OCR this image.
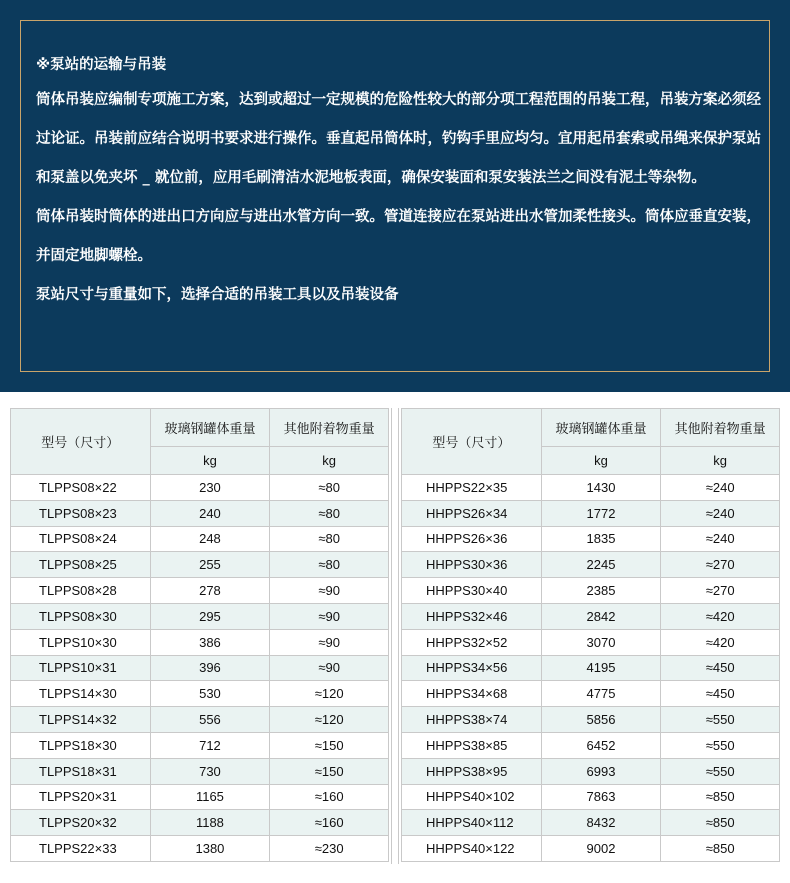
※泵站的运输与吊装

筒体吊装应编制专项施工方案，达到或超过一定规模的危险性较大的部分项工程范围的吊装工程，吊装方案必须经过论证。吊装前应结合说明书要求进行操作。垂直起吊筒体时，钓钩手里应均匀。宜用起吊套索或吊绳来保护泵站和泵盖以免夹坏 _ 就位前，应用毛刷清洁水泥地板表面，确保安装面和泵安装法兰之间没有泥土等杂物。

筒体吊装时筒体的进出口方向应与进出水管方向一致。管道连接应在泵站进出水管加柔性接头。筒体应垂直安装，并固定地脚螺栓。

泵站尺寸与重量如下，选择合适的吊装工具以及吊装设备

型号（尺寸）	玻璃钢罐体重量	其他附着物重量
	kg	kg
TLPPS08×22	230	≈80
TLPPS08×23	240	≈80
TLPPS08×24	248	≈80
TLPPS08×25	255	≈80
TLPPS08×28	278	≈90
TLPPS08×30	295	≈90
TLPPS10×30	386	≈90
TLPPS10×31	396	≈90
TLPPS14×30	530	≈120
TLPPS14×32	556	≈120
TLPPS18×30	712	≈150
TLPPS18×31	730	≈150
TLPPS20×31	1165	≈160
TLPPS20×32	1188	≈160
TLPPS22×33	1380	≈230
型号（尺寸）	玻璃钢罐体重量	其他附着物重量
	kg	kg
HHPPS22×35	1430	≈240
HHPPS26×34	1772	≈240
HHPPS26×36	1835	≈240
HHPPS30×36	2245	≈270
HHPPS30×40	2385	≈270
HHPPS32×46	2842	≈420
HHPPS32×52	3070	≈420
HHPPS34×56	4195	≈450
HHPPS34×68	4775	≈450
HHPPS38×74	5856	≈550
HHPPS38×85	6452	≈550
HHPPS38×95	6993	≈550
HHPPS40×102	7863	≈850
HHPPS40×112	8432	≈850
HHPPS40×122	9002	≈850
